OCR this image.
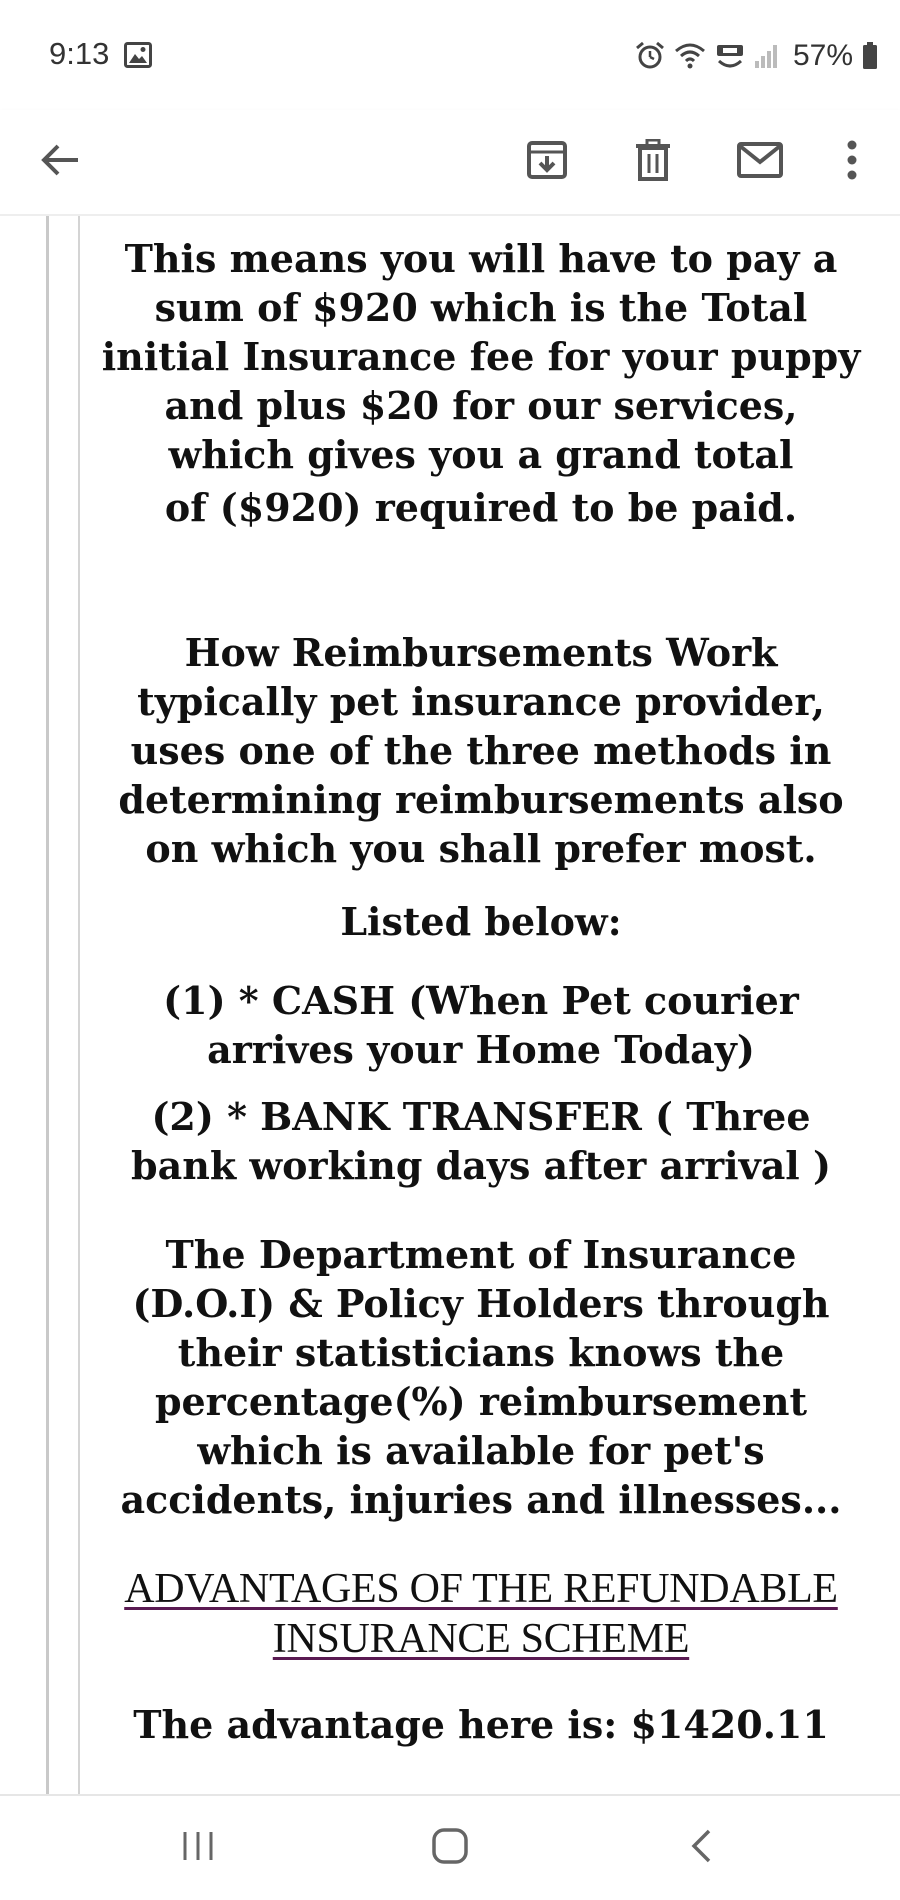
9:13	57%

This means you will have to pay a sum of $920 which is the Total initial Insurance fee for your puppy and plus $20 for our services, which gives you a grand total

of ($920) required to be paid.

How Reimbursements Work typically pet insurance provider, uses one of the three methods in determining reimbursements also on which you shall prefer most.

Listed below:

(1) * CASH (When Pet courier arrives your Home Today)

(2) * BANK TRANSFER ( Three bank working days after arrival )

The Department of Insurance (D.O.I) & Policy Holders through their statisticians knows the percentage(%) reimbursement which is available for pet's accidents, injuries and illnesses...

ADVANTAGES OF THE REFUNDABLE INSURANCE SCHEME

The advantage here is: $1420.11
